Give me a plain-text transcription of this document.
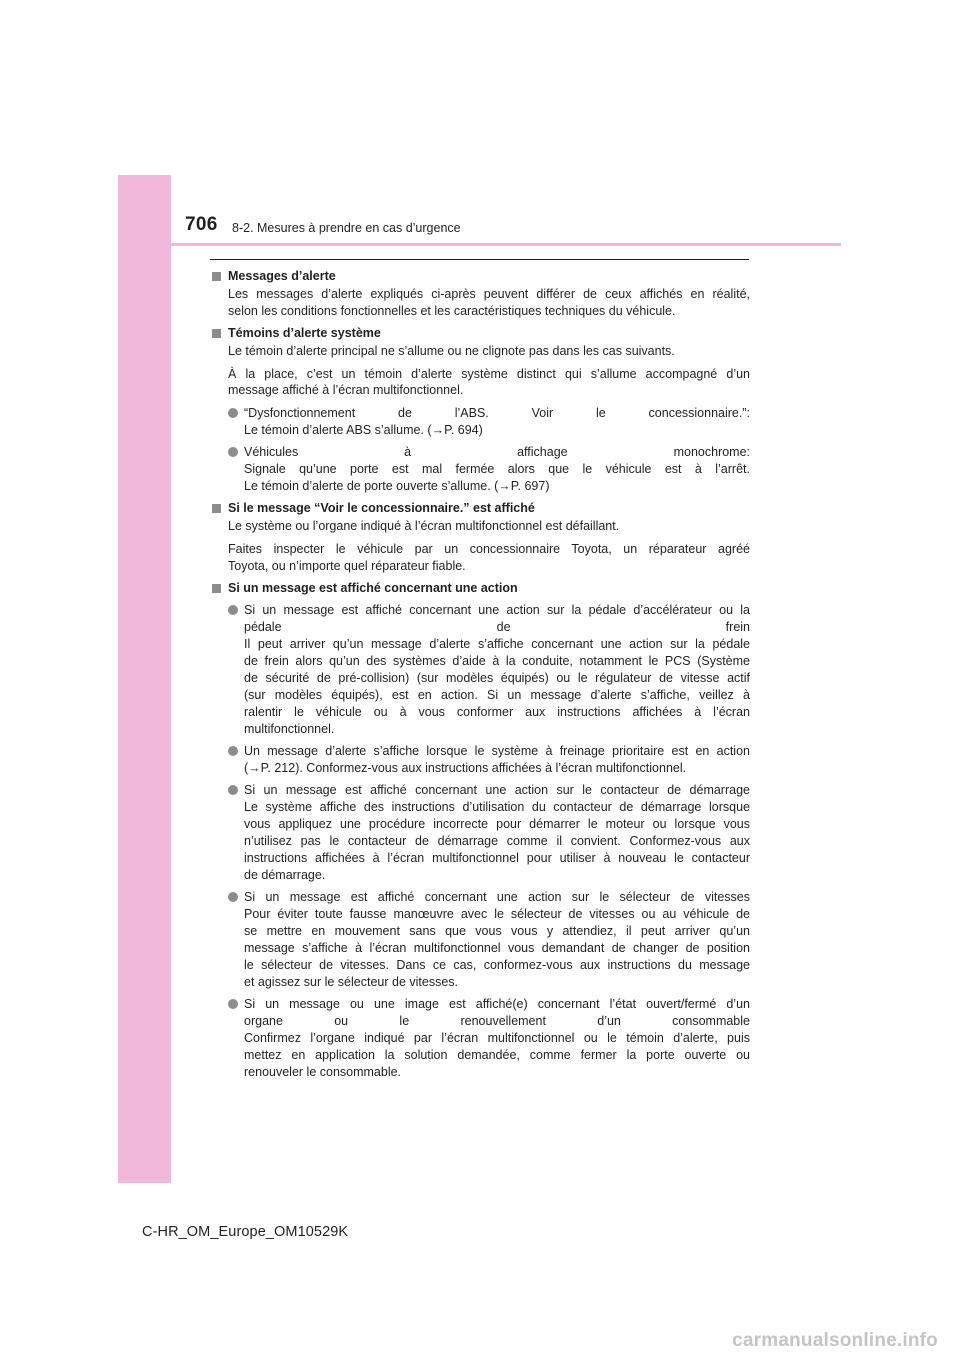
706 8-2. Mesures à prendre en cas d’urgence
Messages d’alerte
Les messages d’alerte expliqués ci-après peuvent différer de ceux affichés en réalité,
selon les conditions fonctionnelles et les caractéristiques techniques du véhicule.
Témoins d’alerte système
Le témoin d’alerte principal ne s’allume ou ne clignote pas dans les cas suivants.
À la place, c’est un témoin d’alerte système distinct qui s’allume accompagné d’un
message affiché à l’écran multifonctionnel.
“Dysfonctionnement de l’ABS. Voir le concessionnaire.”:
Le témoin d’alerte ABS s’allume. (→P. 694)
Véhicules à affichage monochrome:
Signale qu’une porte est mal fermée alors que le véhicule est à l’arrêt.
Le témoin d’alerte de porte ouverte s’allume. (→P. 697)
Si le message “Voir le concessionnaire.” est affiché
Le système ou l’organe indiqué à l’écran multifonctionnel est défaillant.
Faites inspecter le véhicule par un concessionnaire Toyota, un réparateur agréé
Toyota, ou n’importe quel réparateur fiable.
Si un message est affiché concernant une action
Si un message est affiché concernant une action sur la pédale d’accélérateur ou la
pédale de frein
Il peut arriver qu’un message d’alerte s’affiche concernant une action sur la pédale
de frein alors qu’un des systèmes d’aide à la conduite, notamment le PCS (Système
de sécurité de pré-collision) (sur modèles équipés) ou le régulateur de vitesse actif
(sur modèles équipés), est en action. Si un message d’alerte s’affiche, veillez à
ralentir le véhicule ou à vous conformer aux instructions affichées à l’écran
multifonctionnel.
Un message d’alerte s’affiche lorsque le système à freinage prioritaire est en action
(→P. 212). Conformez-vous aux instructions affichées à l’écran multifonctionnel.
Si un message est affiché concernant une action sur le contacteur de démarrage
Le système affiche des instructions d’utilisation du contacteur de démarrage lorsque
vous appliquez une procédure incorrecte pour démarrer le moteur ou lorsque vous
n’utilisez pas le contacteur de démarrage comme il convient. Conformez-vous aux
instructions affichées à l’écran multifonctionnel pour utiliser à nouveau le contacteur
de démarrage.
Si un message est affiché concernant une action sur le sélecteur de vitesses
Pour éviter toute fausse manœuvre avec le sélecteur de vitesses ou au véhicule de
se mettre en mouvement sans que vous vous y attendiez, il peut arriver qu’un
message s’affiche à l’écran multifonctionnel vous demandant de changer de position
le sélecteur de vitesses. Dans ce cas, conformez-vous aux instructions du message
et agissez sur le sélecteur de vitesses.
Si un message ou une image est affiché(e) concernant l’état ouvert/fermé d’un
organe ou le renouvellement d’un consommable
Confirmez l’organe indiqué par l’écran multifonctionnel ou le témoin d’alerte, puis
mettez en application la solution demandée, comme fermer la porte ouverte ou
renouveler le consommable.
C-HR_OM_Europe_OM10529K
carmanualsonline.info
